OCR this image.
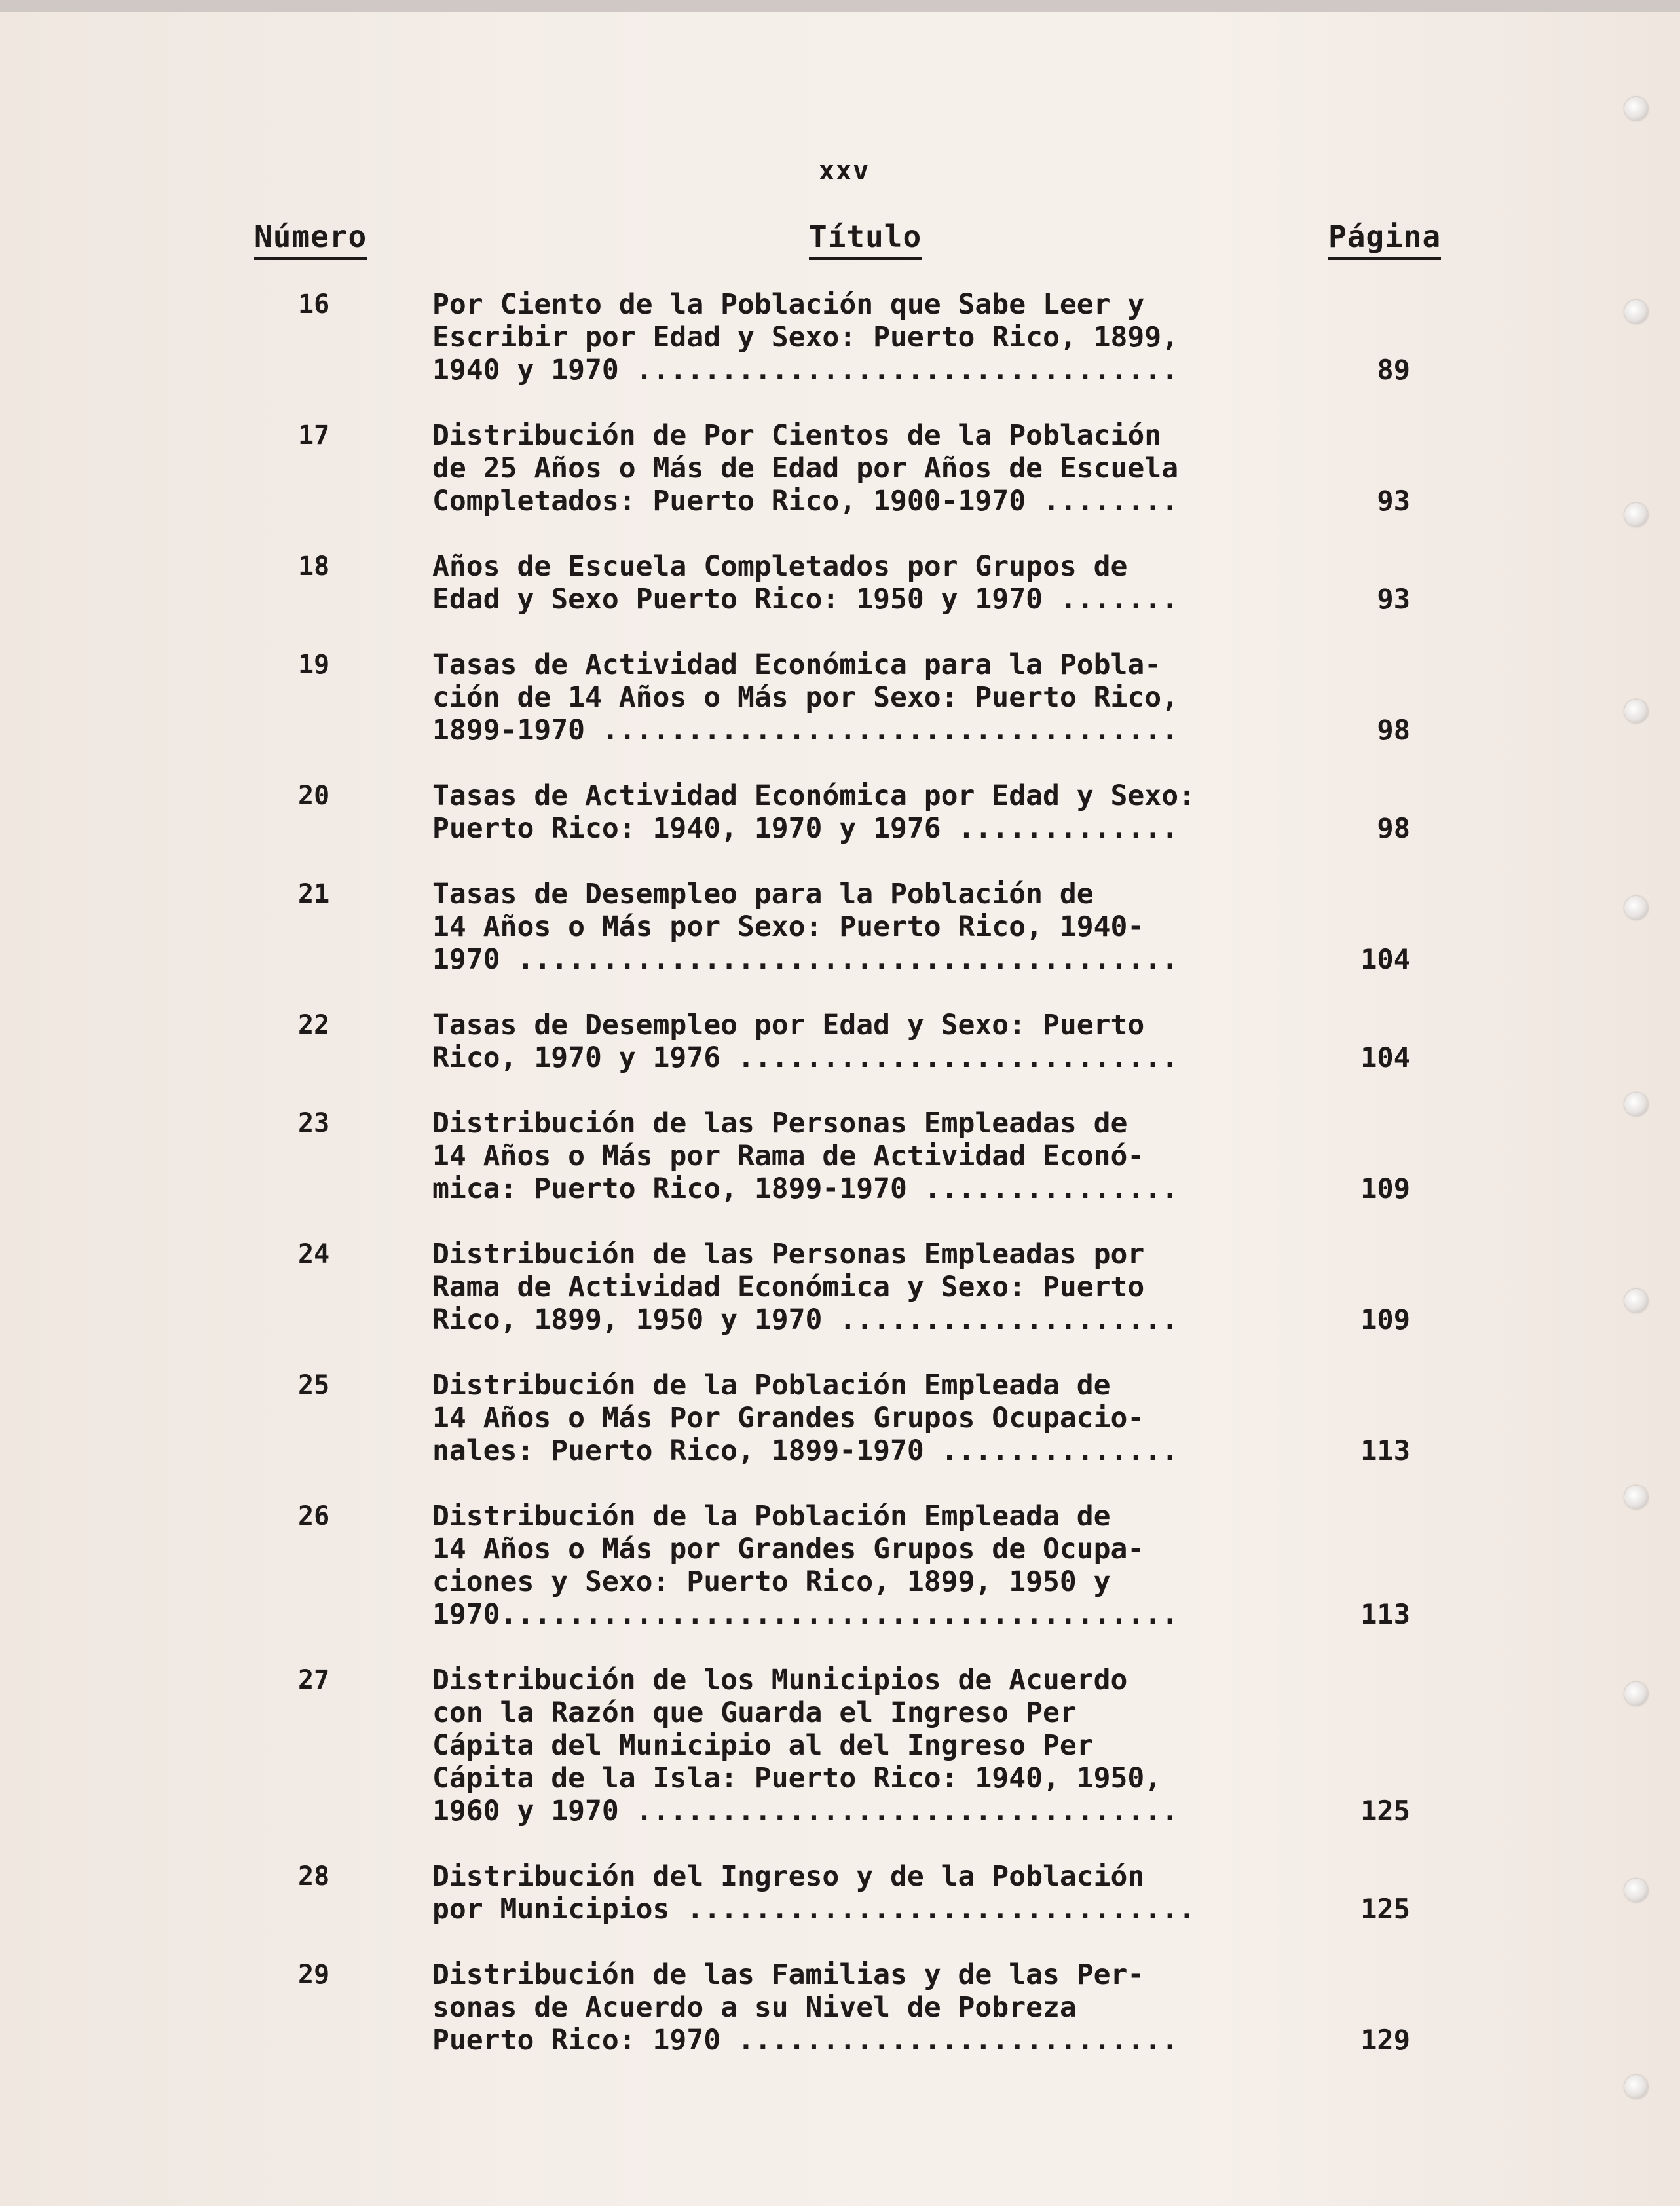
xxv
Número	Título	Página
16	Por Ciento de la Población que Sabe Leer y
Escribir por Edad y Sexo: Puerto Rico, 1899,
1940 y 1970 ................................	89
17	Distribución de Por Cientos de la Población
de 25 Años o Más de Edad por Años de Escuela
Completados: Puerto Rico, 1900-1970 ........	93
18	Años de Escuela Completados por Grupos de
Edad y Sexo Puerto Rico: 1950 y 1970 .......	93
19	Tasas de Actividad Económica para la Pobla-
ción de 14 Años o Más por Sexo: Puerto Rico,
1899-1970 ..................................	98
20	Tasas de Actividad Económica por Edad y Sexo:
Puerto Rico: 1940, 1970 y 1976 .............	98
21	Tasas de Desempleo para la Población de
14 Años o Más por Sexo: Puerto Rico, 1940-
1970 .......................................	104
22	Tasas de Desempleo por Edad y Sexo: Puerto
Rico, 1970 y 1976 ..........................	104
23	Distribución de las Personas Empleadas de
14 Años o Más por Rama de Actividad Econó-
mica: Puerto Rico, 1899-1970 ...............	109
24	Distribución de las Personas Empleadas por
Rama de Actividad Económica y Sexo: Puerto
Rico, 1899, 1950 y 1970 ....................	109
25	Distribución de la Población Empleada de
14 Años o Más Por Grandes Grupos Ocupacio-
nales: Puerto Rico, 1899-1970 ..............	113
26	Distribución de la Población Empleada de
14 Años o Más por Grandes Grupos de Ocupa-
ciones y Sexo: Puerto Rico, 1899, 1950 y
1970........................................	113
27	Distribución de los Municipios de Acuerdo
con la Razón que Guarda el Ingreso Per
Cápita del Municipio al del Ingreso Per
Cápita de la Isla: Puerto Rico: 1940, 1950,
1960 y 1970 ................................	125
28	Distribución del Ingreso y de la Población
por Municipios ..............................	125
29	Distribución de las Familias y de las Per-
sonas de Acuerdo a su Nivel de Pobreza
Puerto Rico: 1970 ..........................	129
